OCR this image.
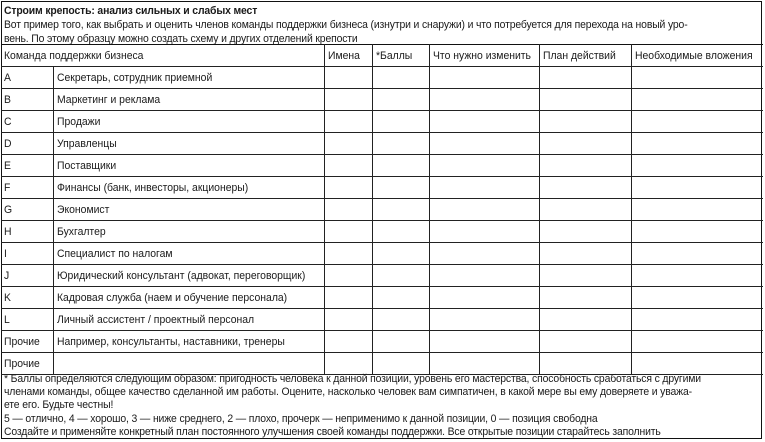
Строим крепость: анализ сильных и слабых мест
Вот пример того, как выбрать и оценить членов команды поддержки бизнеса (изнутри и снаружи) и что потребуется для перехода на новый уро-
вень. По этому образцу можно создать схему и других отделений крепости
Команда поддержки бизнеса		Имена	*Баллы	Что нужно изменить	План действий	Необходимые вложения
A	Секретарь, сотрудник приемной					
B	Маркетинг и реклама					
C	Продажи					
D	Управленцы					
E	Поставщики					
F	Финансы (банк, инвесторы, акционеры)					
G	Экономист					
H	Бухгалтер					
I	Специалист по налогам					
J	Юридический консультант (адвокат, переговорщик)					
K	Кадровая служба (наем и обучение персонала)					
L	Личный ассистент / проектный персонал					
Прочие	Например, консультанты, наставники, тренеры					
Прочие						
* Баллы определяются следующим образом: пригодность человека к данной позиции, уровень его мастерства, способность сработаться с другими
членами команды, общее качество сделанной им работы. Оцените, насколько человек вам симпатичен, в какой мере вы ему доверяете и уважа-
ете его. Будьте честны!
5 — отлично, 4 — хорошо, 3 — ниже среднего, 2 — плохо, прочерк — неприменимо к данной позиции, 0 — позиция свободна
Создайте и применяйте конкретный план постоянного улучшения своей команды поддержки. Все открытые позиции старайтесь заполнить
